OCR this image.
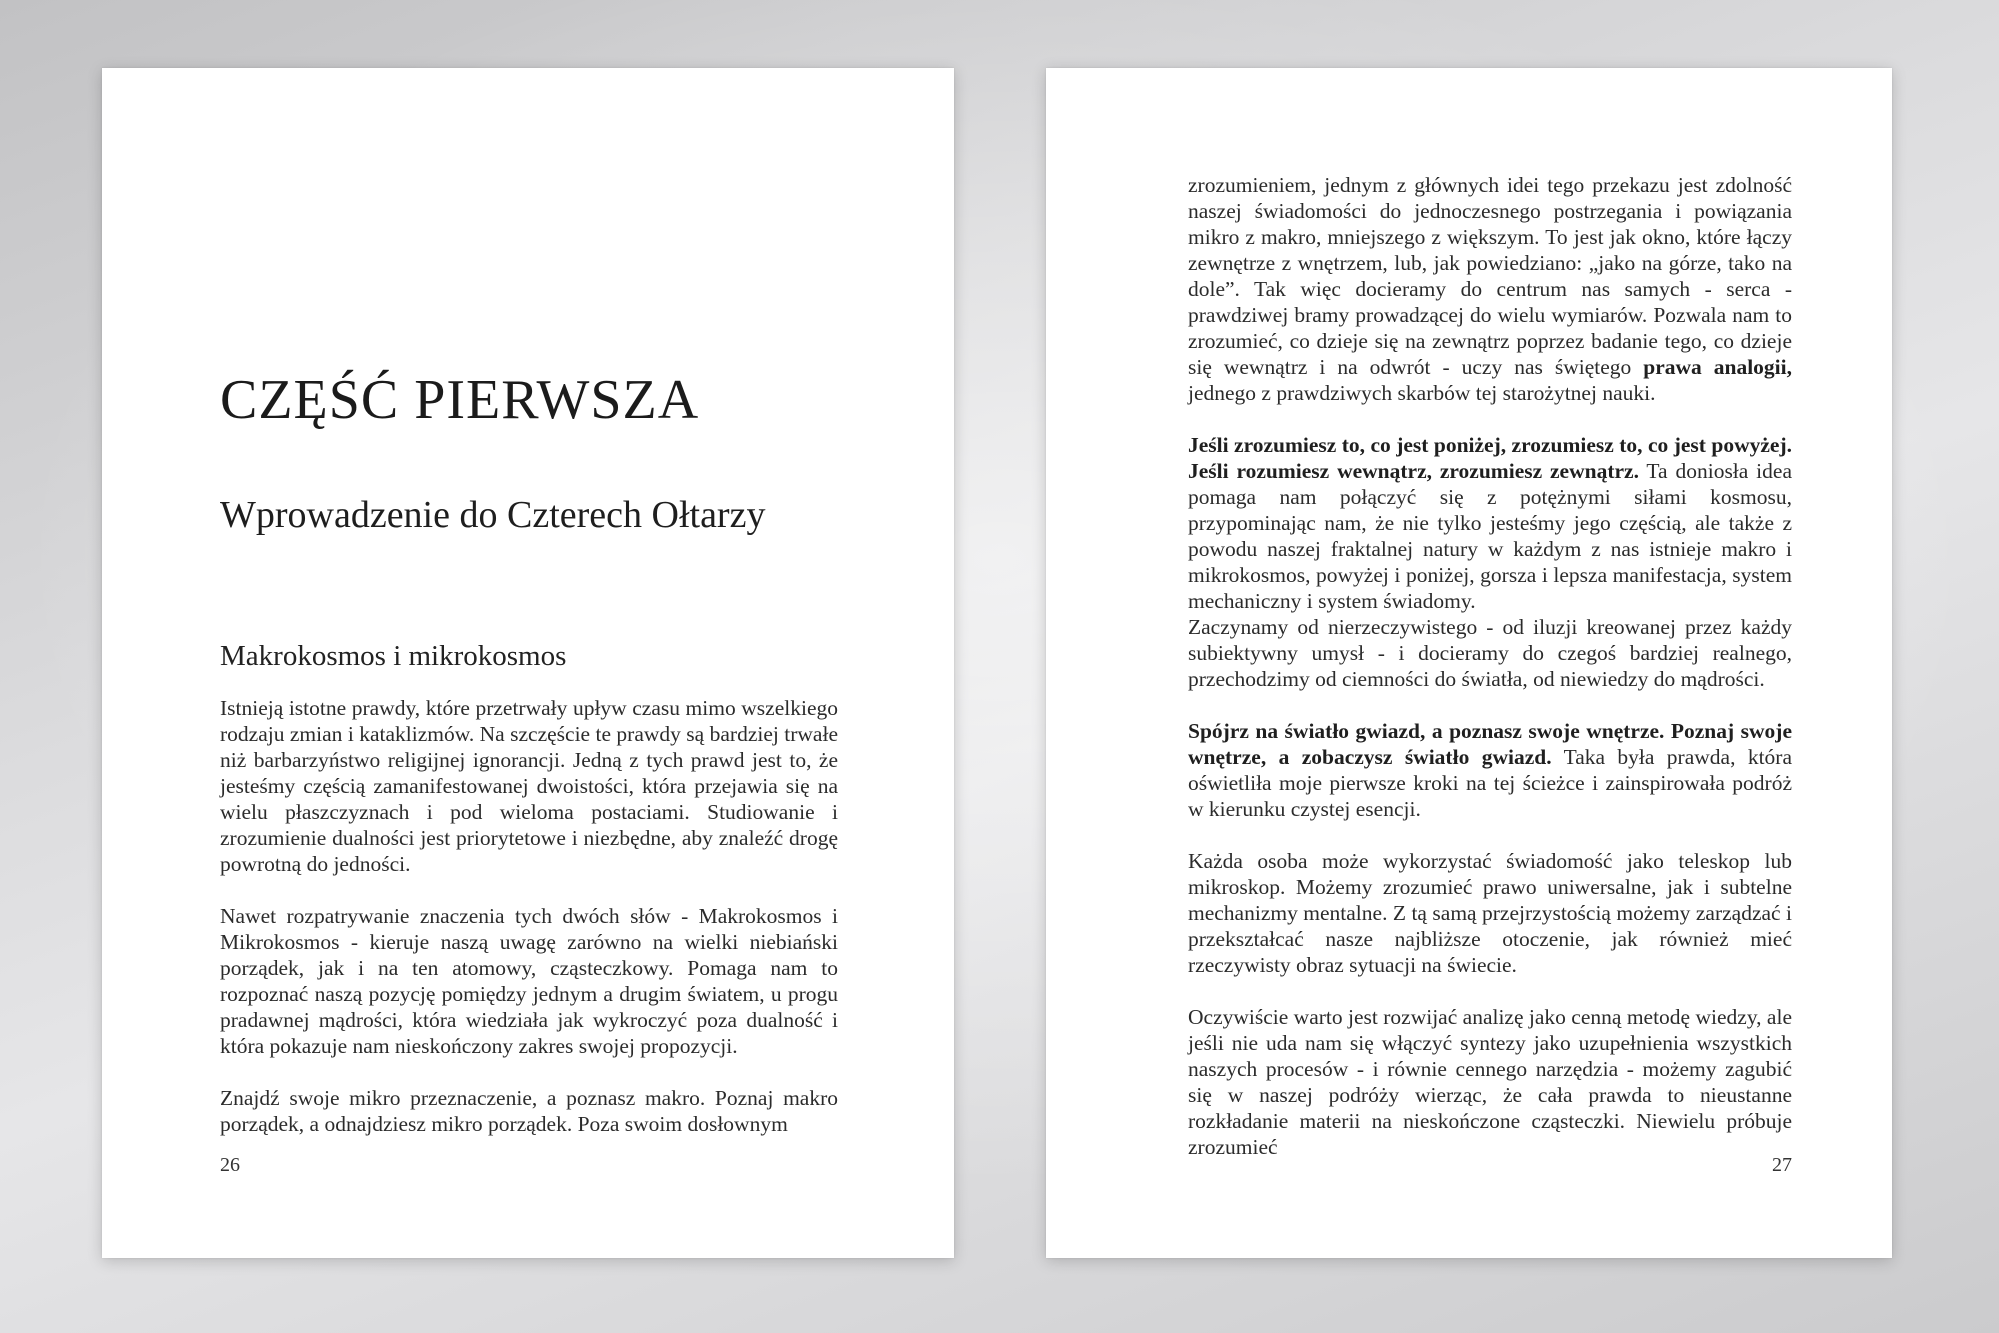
CZĘŚĆ PIERWSZA
Wprowadzenie do Czterech Ołtarzy
Makrokosmos i mikrokosmos

Istnieją istotne prawdy, które przetrwały upływ czasu mimo wszelkiego rodzaju zmian i kataklizmów. Na szczęście te prawdy są bardziej trwałe niż barbarzyństwo religijnej ignorancji. Jedną z tych prawd jest to, że jesteśmy częścią zamanifestowanej dwoistości, która przejawia się na wielu płaszczyznach i pod wieloma postaciami. Studiowanie i zrozumienie dualności jest priorytetowe i niezbędne, aby znaleźć drogę powrotną do jedności.

Nawet rozpatrywanie znaczenia tych dwóch słów - Makrokosmos i Mikrokosmos - kieruje naszą uwagę zarówno na wielki niebiański porządek, jak i na ten atomowy, cząsteczkowy. Pomaga nam to rozpoznać naszą pozycję pomiędzy jednym a drugim światem, u progu pradawnej mądrości, która wiedziała jak wykroczyć poza dualność i która pokazuje nam nieskończony zakres swojej propozycji.

Znajdź swoje mikro przeznaczenie, a poznasz makro. Poznaj makro porządek, a odnajdziesz mikro porządek. Poza swoim dosłownym

26

zrozumieniem, jednym z głównych idei tego przekazu jest zdolność naszej świadomości do jednoczesnego postrzegania i powiązania mikro z makro, mniejszego z większym. To jest jak okno, które łączy zewnętrze z wnętrzem, lub, jak powiedziano: „jako na górze, tako na dole”. Tak więc docieramy do centrum nas samych - serca - prawdziwej bramy prowadzącej do wielu wymiarów. Pozwala nam to zrozumieć, co dzieje się na zewnątrz poprzez badanie tego, co dzieje się wewnątrz i na odwrót - uczy nas świętego prawa analogii, jednego z prawdziwych skarbów tej starożytnej nauki.

Jeśli zrozumiesz to, co jest poniżej, zrozumiesz to, co jest powyżej. Jeśli rozumiesz wewnątrz, zrozumiesz zewnątrz. Ta doniosła idea pomaga nam połączyć się z potężnymi siłami kosmosu, przypominając nam, że nie tylko jesteśmy jego częścią, ale także z powodu naszej fraktalnej natury w każdym z nas istnieje makro i mikrokosmos, powyżej i poniżej, gorsza i lepsza manifestacja, system mechaniczny i system świadomy.
Zaczynamy od nierzeczywistego - od iluzji kreowanej przez każdy subiektywny umysł - i docieramy do czegoś bardziej realnego, przechodzimy od ciemności do światła, od niewiedzy do mądrości.

Spójrz na światło gwiazd, a poznasz swoje wnętrze. Poznaj swoje wnętrze, a zobaczysz światło gwiazd. Taka była prawda, która oświetliła moje pierwsze kroki na tej ścieżce i zainspirowała podróż w kierunku czystej esencji.

Każda osoba może wykorzystać świadomość jako teleskop lub mikroskop. Możemy zrozumieć prawo uniwersalne, jak i subtelne mechanizmy mentalne. Z tą samą przejrzystością możemy zarządzać i przekształcać nasze najbliższe otoczenie, jak również mieć rzeczywisty obraz sytuacji na świecie.

Oczywiście warto jest rozwijać analizę jako cenną metodę wiedzy, ale jeśli nie uda nam się włączyć syntezy jako uzupełnienia wszystkich naszych procesów - i równie cennego narzędzia - możemy zagubić się w naszej podróży wierząc, że cała prawda to nieustanne rozkładanie materii na nieskończone cząsteczki. Niewielu próbuje zrozumieć

27
